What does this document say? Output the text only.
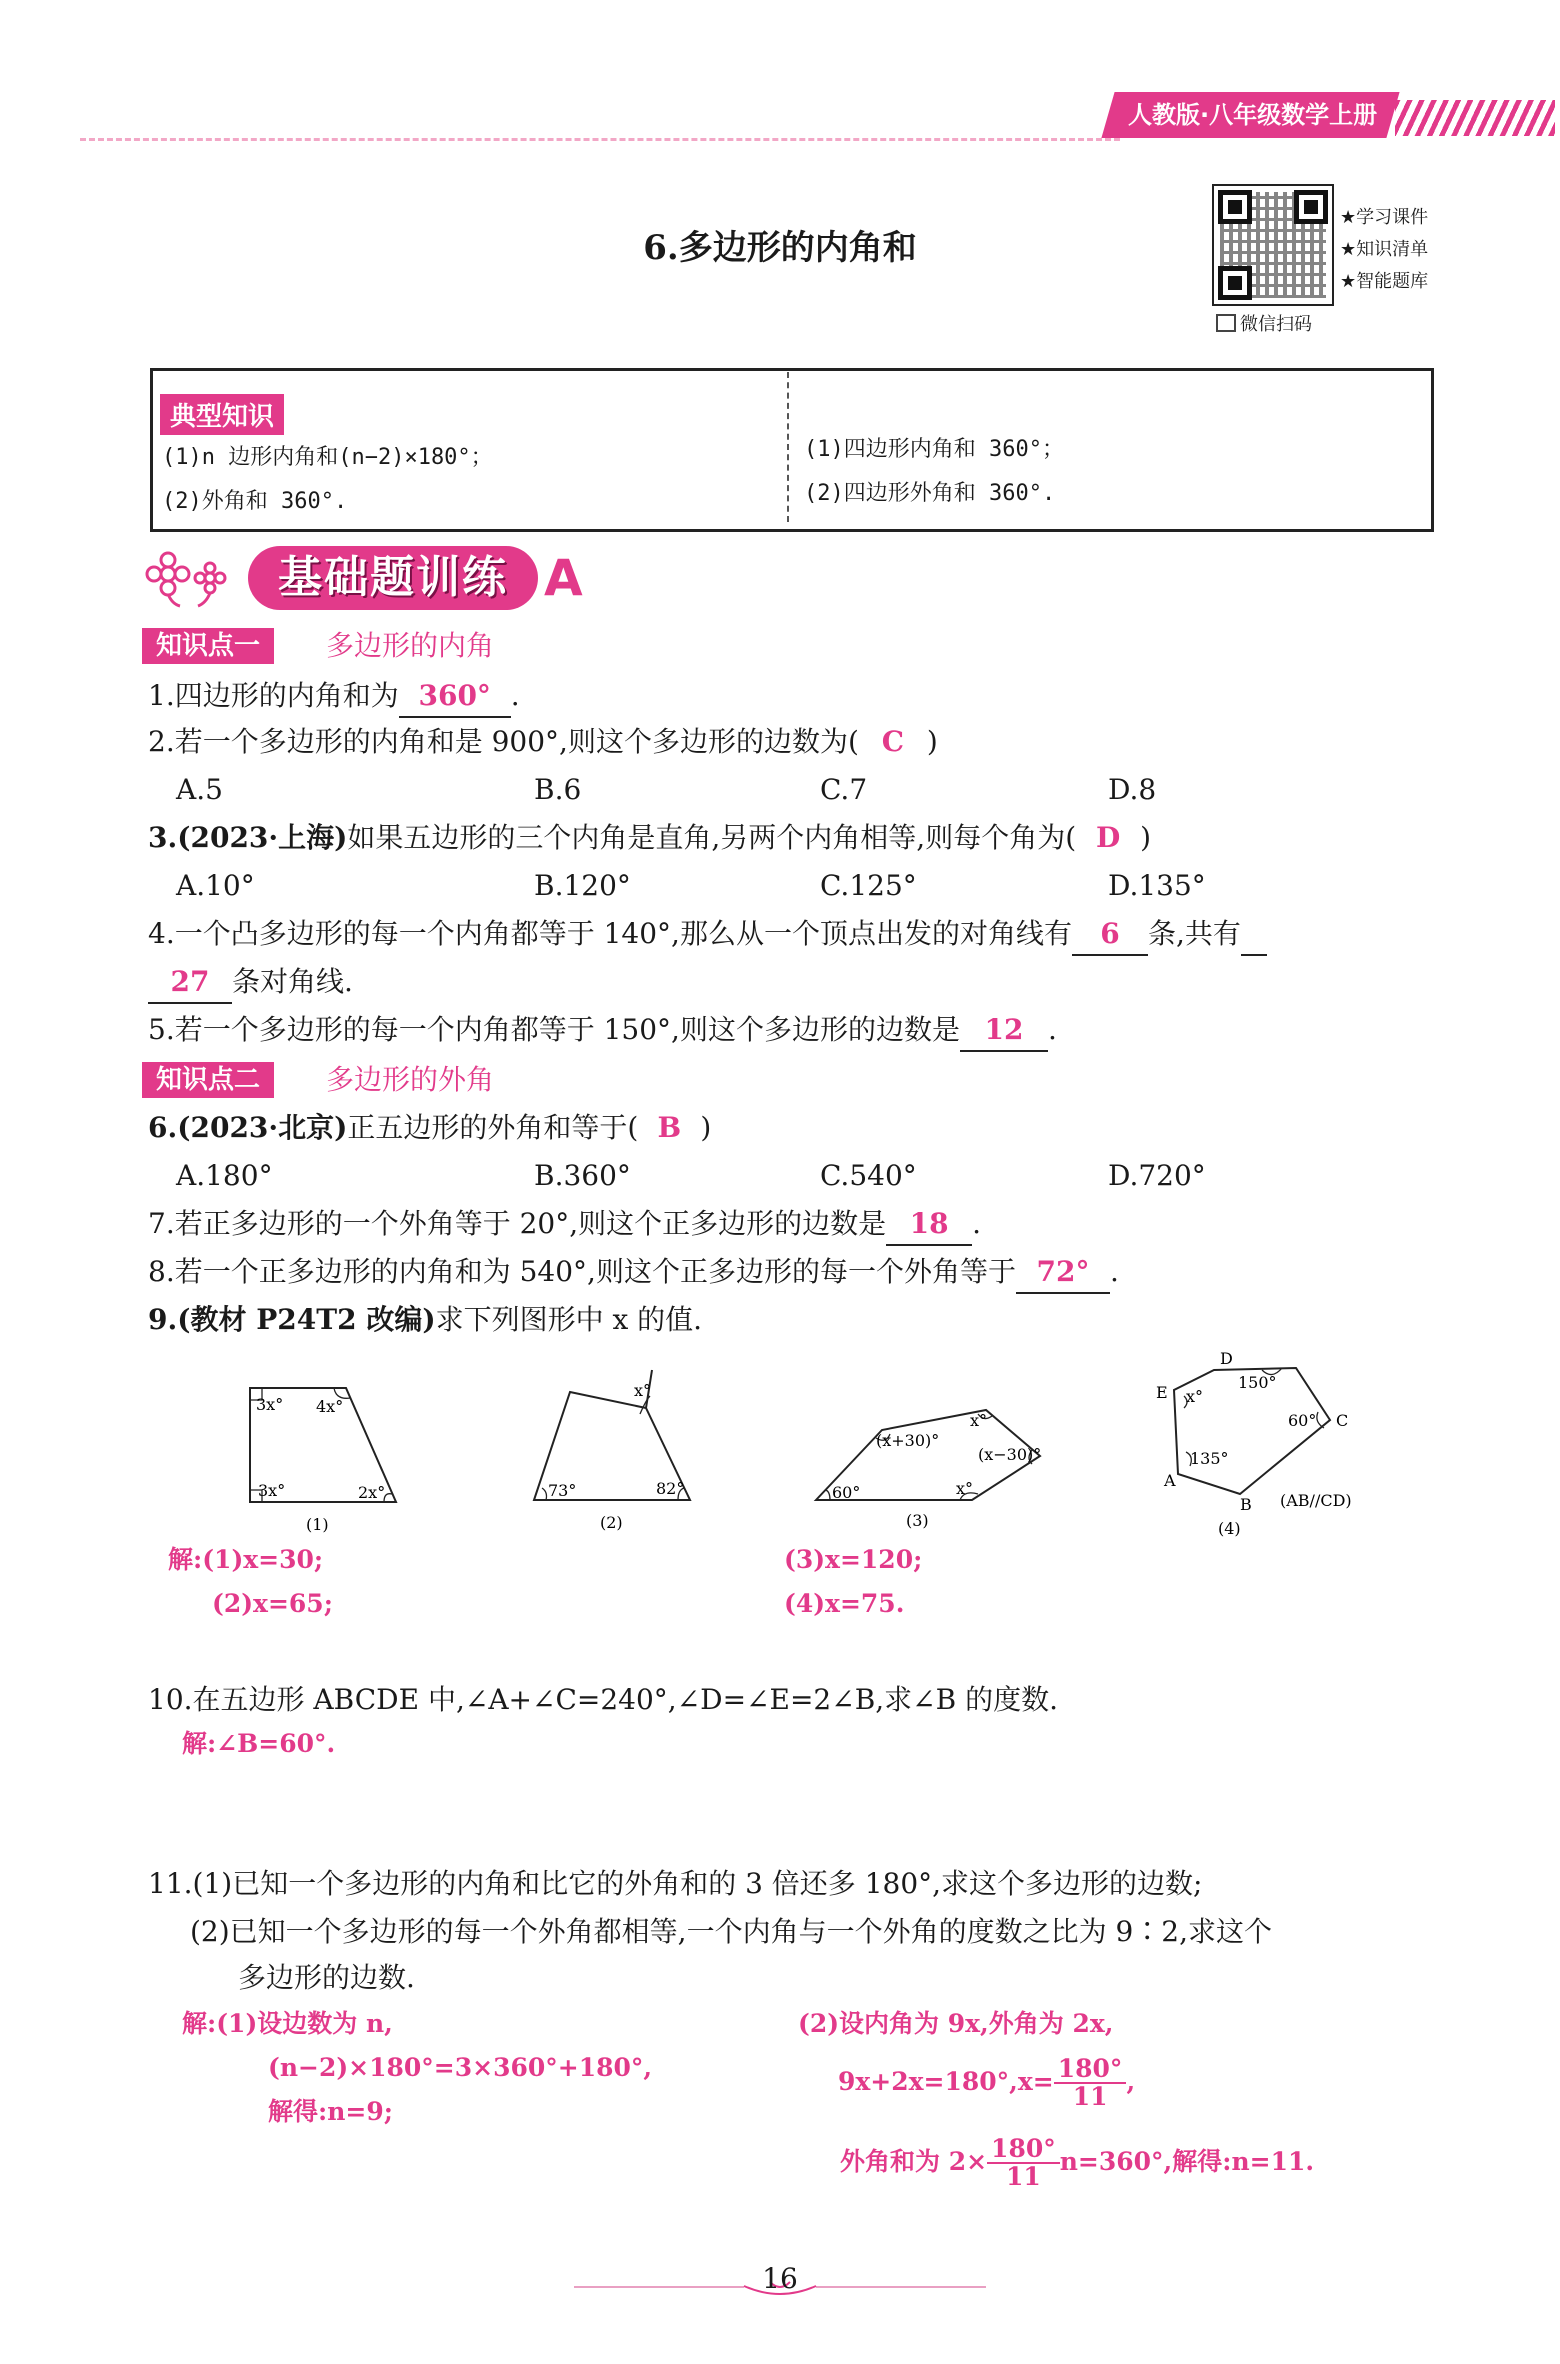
人教版·八年级数学上册
6.多边形的内角和
★学习课件
★知识清单
★智能题库
微信扫码
典型知识
(1)n 边形内角和(n−2)×180°；
(2)外角和 360°.
(1)四边形内角和 360°；
(2)四边形外角和 360°.
基础题训练 A
知识点一	多边形的内角
1.四边形的内角和为 360° .
2.若一个多边形的内角和是 900°,则这个多边形的边数为( C )
A.5	B.6	C.7	D.8
3.(2023·上海)如果五边形的三个内角是直角,另两个内角相等,则每个角为( D )
A.10°	B.120°	C.125°	D.135°
4.一个凸多边形的每一个内角都等于 140°,那么从一个顶点出发的对角线有 6 条,共有
27 条对角线.
5.若一个多边形的每一个内角都等于 150°,则这个多边形的边数是 12 .
知识点二	多边形的外角
6.(2023·北京)正五边形的外角和等于( B )
A.180°	B.360°	C.540°	D.720°
7.若正多边形的一个外角等于 20°,则这个正多边形的边数是 18 .
8.若一个正多边形的内角和为 540°,则这个正多边形的每一个外角等于 72° .
9.(教材 P24T2 改编)求下列图形中 x 的值.
3x° 4x°
3x°	2x°
(1)
x°
73°	82°
(2)
(x+30)°
x°
(x−30)°
60°	x°
(3)
D
E x°
150°
60° C
135°
A
B (AB//CD)
(4)
解:(1)x=30;
(2)x=65;
(3)x=120;
(4)x=75.
10.在五边形 ABCDE 中,∠A+∠C=240°,∠D=∠E=2∠B,求∠B 的度数.
解:∠B=60°.
11.(1)已知一个多边形的内角和比它的外角和的 3 倍还多 180°,求这个多边形的边数;
(2)已知一个多边形的每一个外角都相等,一个内角与一个外角的度数之比为 9∶2,求这个
多边形的边数.
解:(1)设边数为 n,
(n−2)×180°=3×360°+180°,
解得:n=9;
(2)设内角为 9x,外角为 2x,
$9x+2x=180^\circ,x= \frac{180^\circ}{11}$ ,
外角和为 $2\times \frac{180^\circ}{11} n=360^\circ$,解得:n=11.
16
